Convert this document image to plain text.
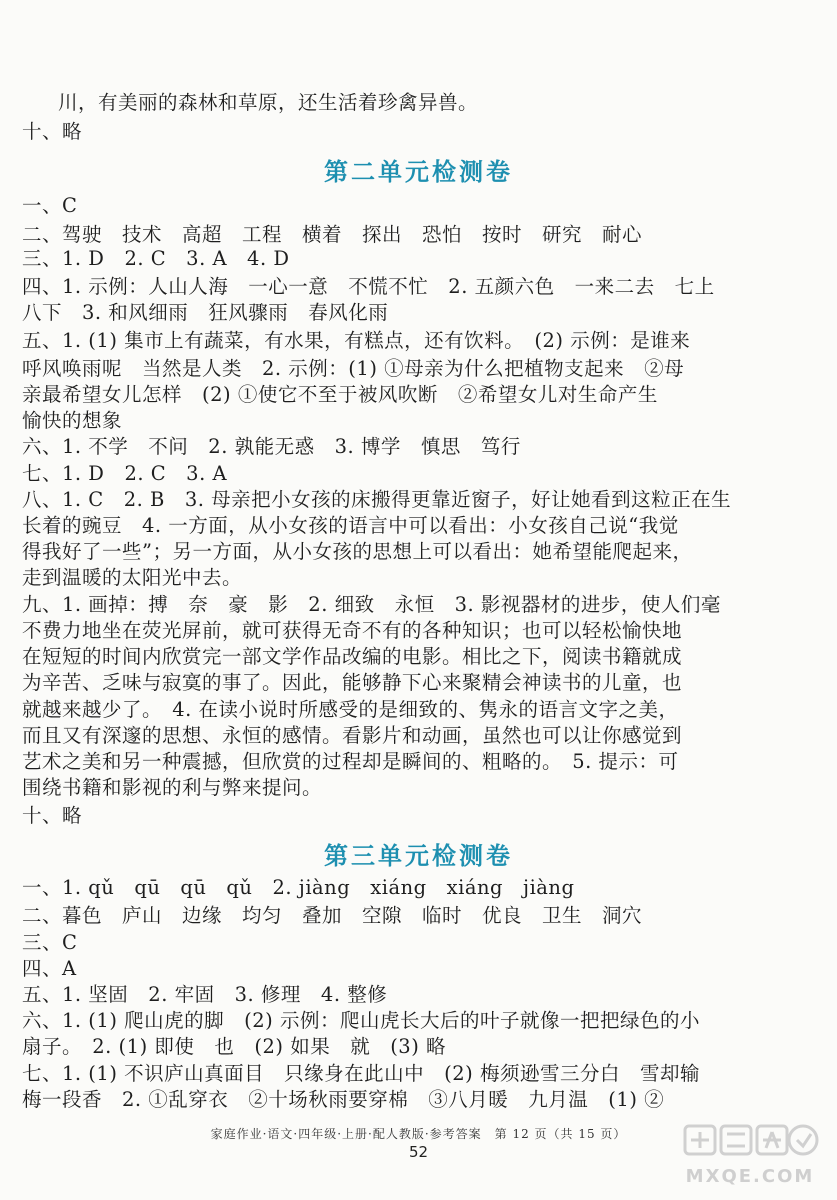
川，有美丽的森林和草原，还生活着珍禽异兽。
十、略
第二单元检测卷
一、C
二、驾驶　技术　高超　工程　横着　探出　恐怕　按时　研究　耐心
三、1. D　2. C　3. A　4. D
四、1. 示例：人山人海　一心一意　不慌不忙　2. 五颜六色　一来二去　七上
八下　3. 和风细雨　狂风骤雨　春风化雨
五、1. (1) 集市上有蔬菜，有水果，有糕点，还有饮料。　(2) 示例：是谁来
呼风唤雨呢　当然是人类　2. 示例：(1) ①母亲为什么把植物支起来　②母
亲最希望女儿怎样　(2) ①使它不至于被风吹断　②希望女儿对生命产生
愉快的想象
六、1. 不学　不问　2. 孰能无惑　3. 博学　慎思　笃行
七、1. D　2. C　3. A
八、1. C　2. B　3. 母亲把小女孩的床搬得更靠近窗子，好让她看到这粒正在生
长着的豌豆　4. 一方面，从小女孩的语言中可以看出：小女孩自己说“我觉
得我好了一些”；另一方面，从小女孩的思想上可以看出：她希望能爬起来，
走到温暖的太阳光中去。
九、1. 画掉：搏　奈　豪　影　2. 细致　永恒　3. 影视器材的进步，使人们毫
不费力地坐在荧光屏前，就可获得无奇不有的各种知识；也可以轻松愉快地
在短短的时间内欣赏完一部文学作品改编的电影。相比之下，阅读书籍就成
为辛苦、乏味与寂寞的事了。因此，能够静下心来聚精会神读书的儿童，也
就越来越少了。　4. 在读小说时所感受的是细致的、隽永的语言文字之美，
而且又有深邃的思想、永恒的感情。看影片和动画，虽然也可以让你感觉到
艺术之美和另一种震撼，但欣赏的过程却是瞬间的、粗略的。　5. 提示：可
围绕书籍和影视的利与弊来提问。
十、略
第三单元检测卷
一、1. qǔ　qū　qū　qǔ　2. jiàng　xiáng　xiáng　jiàng
二、暮色　庐山　边缘　均匀　叠加　空隙　临时　优良　卫生　洞穴
三、C
四、A
五、1. 坚固　2. 牢固　3. 修理　4. 整修
六、1. (1) 爬山虎的脚　(2) 示例：爬山虎长大后的叶子就像一把把绿色的小
扇子。　2. (1) 即使　也　(2) 如果　就　(3) 略
七、1. (1) 不识庐山真面目　只缘身在此山中　(2) 梅须逊雪三分白　雪却输
梅一段香　2. ①乱穿衣　②十场秋雨要穿棉　③八月暖　九月温　(1) ②
家庭作业·语文·四年级·上册·配人教版·参考答案　第 12 页（共 15 页）
52
MXQE.COM
